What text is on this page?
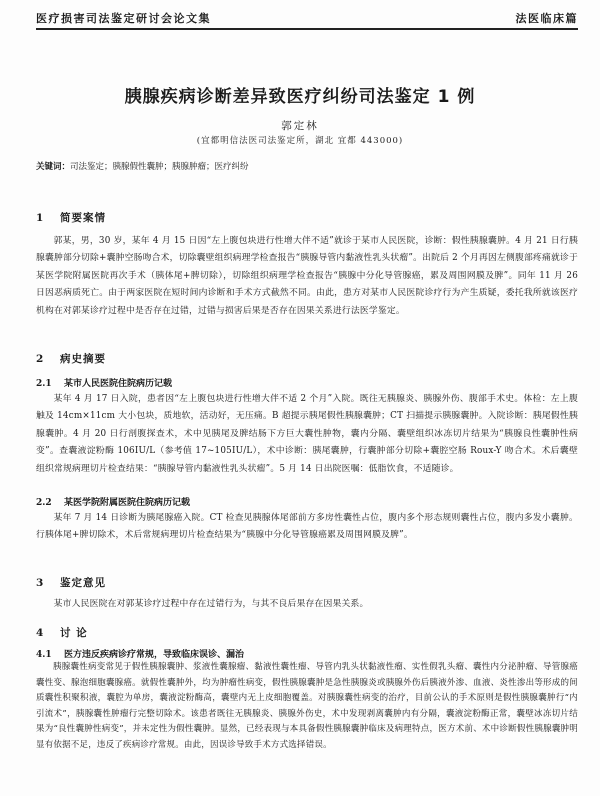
医疗损害司法鉴定研讨会论文集	法医临床篇
胰腺疾病诊断差异致医疗纠纷司法鉴定 1 例
郭定林
(宜都明信法医司法鉴定所，湖北 宜都 443000)
关键词：司法鉴定；胰腺假性囊肿；胰腺肿瘤；医疗纠纷
1 简要案情
郭某，男，30 岁，某年 4 月 15 日因“左上腹包块进行性增大伴不适”就诊于某市人民医院，诊断：假性胰腺囊肿。4 月 21 日行胰腺囊肿部分切除+囊肿空肠吻合术，切除囊壁组织病理学检查报告“胰腺导管内黏液性乳头状瘤”。出院后 2 个月再因左侧腹部疼痛就诊于某医学院附属医院再次手术（胰体尾+脾切除），切除组织病理学检查报告“胰腺中分化导管腺癌，累及周围网膜及脾”。同年 11 月 26 日因恶病质死亡。由于两家医院在短时间内诊断和手术方式截然不同。由此，患方对某市人民医院诊疗行为产生质疑，委托我所就该医疗机构在对郭某诊疗过程中是否存在过错，过错与损害后果是否存在因果关系进行法医学鉴定。
2 病史摘要
2.1 某市人民医院住院病历记载
某年 4 月 17 日入院，患者因“左上腹包块进行性增大伴不适 2 个月”入院。既往无胰腺炎、胰腺外伤、腹部手术史。体检：左上腹触及 14cm×11cm 大小包块，质地软，活动好，无压痛。B 超提示胰尾假性胰腺囊肿；CT 扫描提示胰腺囊肿。入院诊断：胰尾假性胰腺囊肿。4 月 20 日行剖腹探查术，术中见胰尾及脾结肠下方巨大囊性肿物，囊内分隔、囊壁组织冰冻切片结果为“胰腺良性囊肿性病变”。查囊液淀粉酶 106IU/L（参考值 17~105IU/L），术中诊断：胰尾囊肿，行囊肿部分切除+囊腔空肠 Roux-Y 吻合术。术后囊壁组织常规病理切片检查结果：“胰腺导管内黏液性乳头状瘤”。5 月 14 日出院医嘱：低脂饮食，不适随诊。
2.2 某医学院附属医院住院病历记载
某年 7 月 14 日诊断为胰尾腺癌入院。CT 检查见胰腺体尾部前方多房性囊性占位，腹内多个形态规则囊性占位，腹内多发小囊肿。行胰体尾+脾切除术，术后常规病理切片检查结果为“胰腺中分化导管腺癌累及周围网膜及脾”。
3 鉴定意见
某市人民医院在对郭某诊疗过程中存在过错行为，与其不良后果存在因果关系。
4 讨 论
4.1 医方违反疾病诊疗常规，导致临床误诊、漏治
胰腺囊性病变常见于假性胰腺囊肿、浆液性囊腺瘤、黏液性囊性瘤、导管内乳头状黏液性瘤、实性假乳头瘤、囊性内分泌肿瘤、导管腺癌囊性变、腺泡细胞囊腺癌。就假性囊肿外，均为肿瘤性病变，假性胰腺囊肿是急性胰腺炎或胰腺外伤后胰液外渗、血液、炎性渗出等形成的间质囊性积聚积液，囊腔为单房，囊液淀粉酶高，囊壁内无上皮细胞覆盖。对胰腺囊性病变的治疗，目前公认的手术原则是假性胰腺囊肿行“内引流术”，胰腺囊性肿瘤行完整切除术。该患者既往无胰腺炎、胰腺外伤史，术中发现剥离囊肿内有分隔，囊液淀粉酶正常，囊壁冰冻切片结果为“良性囊肿性病变”，并未定性为假性囊肿。显然，已经表现与本具备假性胰腺囊肿临床及病理特点，医方术前、术中诊断假性胰腺囊肿明显有依据不足，违反了疾病诊疗常规。由此，因误诊导致手术方式选择错误。
